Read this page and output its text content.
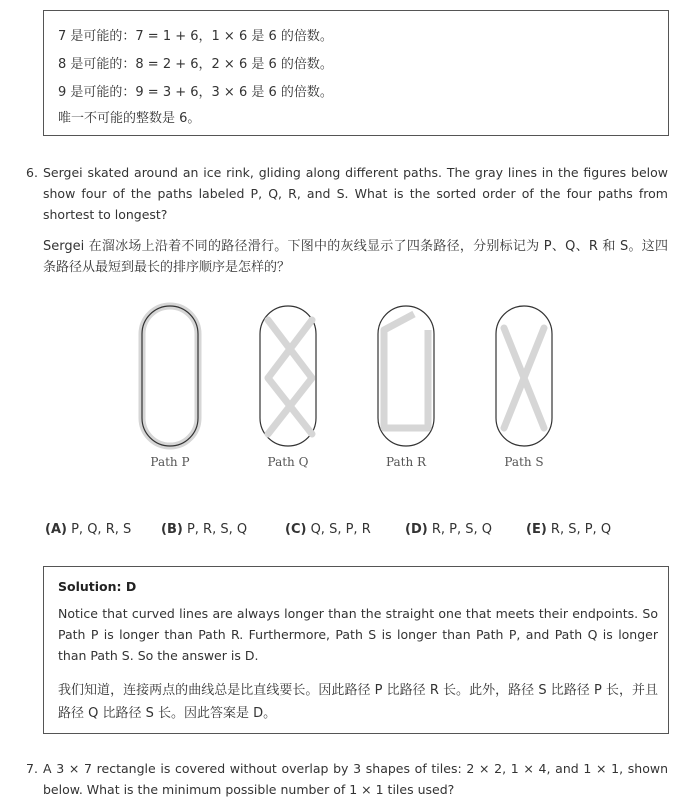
7 是可能的：7 = 1 + 6，1 × 6 是 6 的倍数。
8 是可能的：8 = 2 + 6，2 × 6 是 6 的倍数。
9 是可能的：9 = 3 + 6，3 × 6 是 6 的倍数。
唯一不可能的整数是 6。
6. Sergei skated around an ice rink, gliding along different paths. The gray lines in the figures below show four of the paths labeled P, Q, R, and S. What is the sorted order of the four paths from shortest to longest?
Sergei 在溜冰场上沿着不同的路径滑行。下图中的灰线显示了四条路径，分别标记为 P、Q、R 和 S。这四条路径从最短到最长的排序顺序是怎样的？
Path P	Path Q	Path R	Path S
(A) P, Q, R, S (B) P, R, S, Q	(C) Q, S, P, R	(D) R, P, S, Q	(E) R, S, P, Q
Solution: D
Notice that curved lines are always longer than the straight one that meets their endpoints. So Path P is longer than Path R. Furthermore, Path S is longer than Path P, and Path Q is longer than Path S. So the answer is D.
我们知道，连接两点的曲线总是比直线要长。因此路径 P 比路径 R 长。此外，路径 S 比路径 P 长，并且路径 Q 比路径 S 长。因此答案是 D。
7. A 3 × 7 rectangle is covered without overlap by 3 shapes of tiles: 2 × 2, 1 × 4, and 1 × 1, shown below. What is the minimum possible number of 1 × 1 tiles used?
